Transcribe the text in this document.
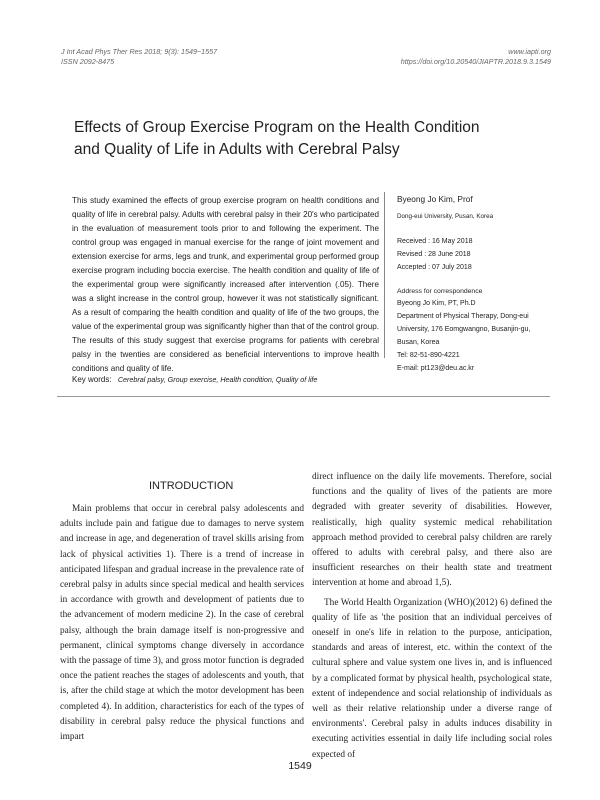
J Int Acad Phys Ther Res 2018; 9(3): 1549~1557
ISSN 2092-8475
www.iapti.org
https://doi.org/10.20540/JIAPTR.2018.9.3.1549
Effects of Group Exercise Program on the Health Condition
and Quality of Life in Adults with Cerebral Palsy
This study examined the effects of group exercise program on health conditions and quality of life in cerebral palsy. Adults with cerebral palsy in their 20's who participated in the evaluation of measurement tools prior to and following the experiment. The control group was engaged in manual exercise for the range of joint movement and extension exercise for arms, legs and trunk, and experimental group performed group exercise program including boccia exercise. The health condition and quality of life of the experimental group were significantly increased after intervention (.05). There was a slight increase in the control group, however it was not statistically significant. As a result of comparing the health condition and quality of life of the two groups, the value of the experimental group was significantly higher than that of the control group. The results of this study suggest that exercise programs for patients with cerebral palsy in the twenties are considered as beneficial interventions to improve health conditions and quality of life.
Byeong Jo Kim, Prof
Dong-eui University, Pusan, Korea
Received : 16 May 2018
Revised : 28 June 2018
Accepted : 07 July 2018
Address for correspondence
Byeong Jo Kim, PT, Ph.D
Department of Physical Therapy, Dong-eui
University, 176 Eomgwangno, Busanjin-gu,
Busan, Korea
Tel: 82-51-890-4221
E-mail: pt123@deu.ac.kr
Key words: Cerebral palsy, Group exercise, Health condition, Quality of life
INTRODUCTION

Main problems that occur in cerebral palsy adolescents and adults include pain and fatigue due to damages to nerve system and increase in age, and degeneration of travel skills arising from lack of physical activities 1). There is a trend of increase in anticipated lifespan and gradual increase in the prevalence rate of cerebral palsy in adults since special medical and health services in accordance with growth and development of patients due to the advancement of modern medicine 2). In the case of cerebral palsy, although the brain damage itself is non-progressive and permanent, clinical symptoms change diversely in accordance with the passage of time 3), and gross motor function is degraded once the patient reaches the stages of adolescents and youth, that is, after the child stage at which the motor development has been completed 4). In addition, characteristics for each of the types of disability in cerebral palsy reduce the physical functions and impart

direct influence on the daily life movements. Therefore, social functions and the quality of lives of the patients are more degraded with greater severity of disabilities. However, realistically, high quality systemic medical rehabilitation approach method provided to cerebral palsy children are rarely offered to adults with cerebral palsy, and there also are insufficient researches on their health state and treatment intervention at home and abroad 1,5).

The World Health Organization (WHO)(2012) 6) defined the quality of life as 'the position that an individual perceives of oneself in one's life in relation to the purpose, anticipation, standards and areas of interest, etc. within the context of the cultural sphere and value system one lives in, and is influenced by a complicated format by physical health, psychological state, extent of independence and social relationship of individuals as well as their relative relationship under a diverse range of environments'. Cerebral palsy in adults induces disability in executing activities essential in daily life including social roles expected of

1549
